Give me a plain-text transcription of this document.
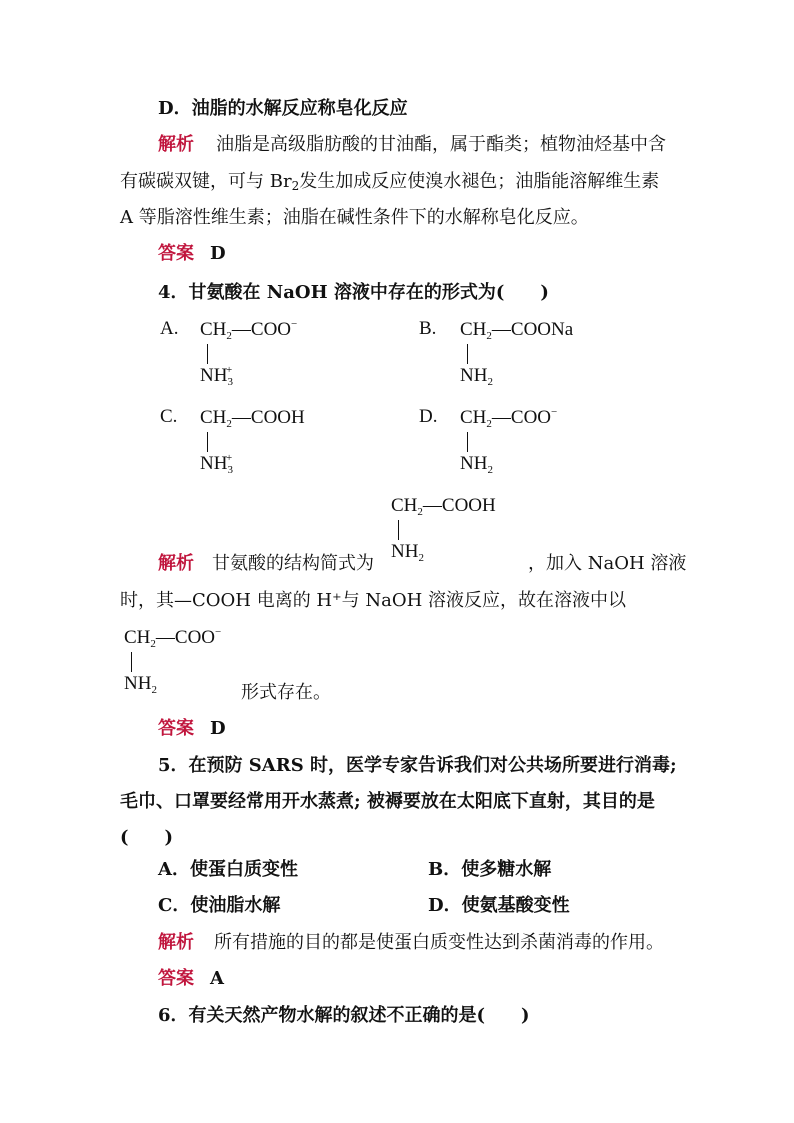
D．油脂的水解反应称皂化反应
解析 油脂是高级脂肪酸的甘油酯，属于酯类；植物油烃基中含
有碳碳双键，可与 Br2发生加成反应使溴水褪色；油脂能溶解维生素
A 等脂溶性维生素；油脂在碱性条件下的水解称皂化反应。
答案 D
4．甘氨酸在 NaOH 溶液中存在的形式为(　　)
A. $CH_2—COO^-$
$NH_3^+$
B. $CH_2—COONa$
$NH_2$
C. $CH_2—COOH$
$NH_3^+$
D. $CH_2—COO^-$
$NH_2$
$CH_2—COOH$
$NH_2$
解析 甘氨酸的结构简式为	，加入 NaOH 溶液
时，其—COOH 电离的 H⁺与 NaOH 溶液反应，故在溶液中以
$CH_2—COO^-$
$NH_2$	形式存在。
答案 D
5．在预防 SARS 时，医学专家告诉我们对公共场所要进行消毒;
毛巾、口罩要经常用开水蒸煮; 被褥要放在太阳底下直射，其目的是
(　　)
A．使蛋白质变性	B．使多糖水解
C．使油脂水解	D．使氨基酸变性
解析 所有措施的目的都是使蛋白质变性达到杀菌消毒的作用。
答案 A
6．有关天然产物水解的叙述不正确的是(　　)
